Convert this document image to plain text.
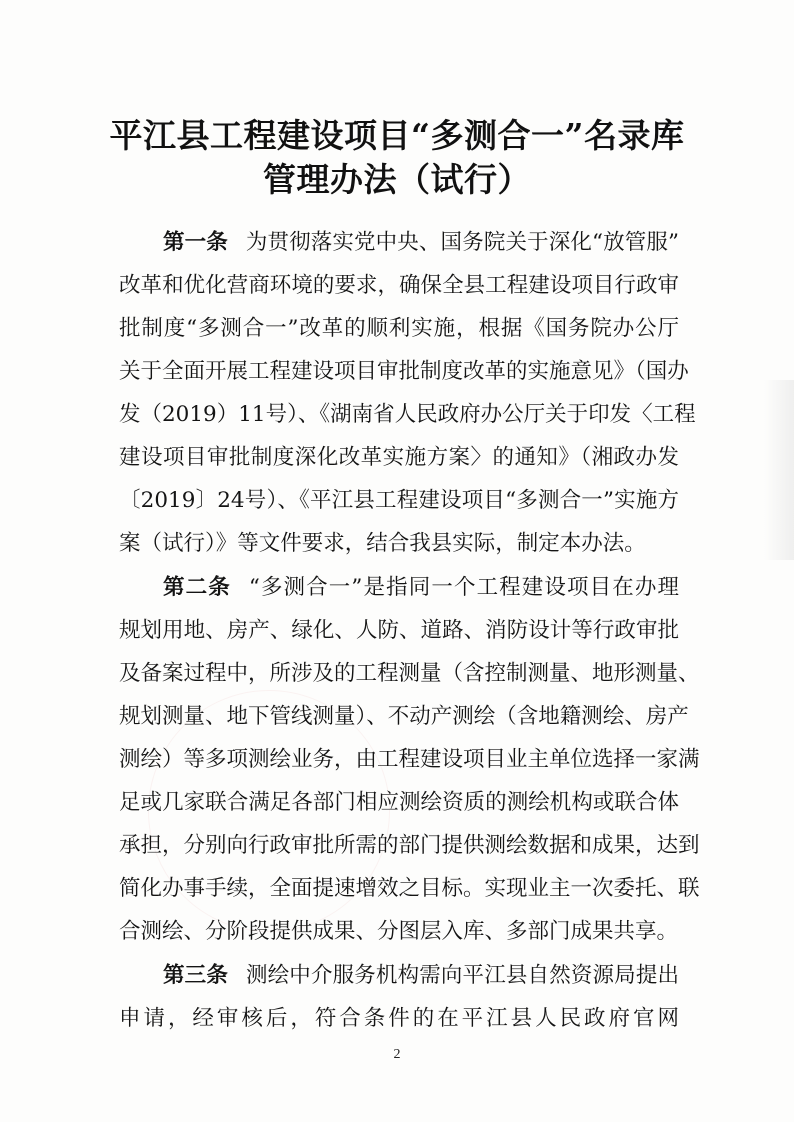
平江县工程建设项目“多测合一”名录库
管理办法（试行）
第一条 为贯彻落实党中央、国务院关于深化“放管服”
改革和优化营商环境的要求，确保全县工程建设项目行政审
批制度“多测合一”改革的顺利实施，根据《国务院办公厅
关于全面开展工程建设项目审批制度改革的实施意见》（国办
发（2019）11号）、《湖南省人民政府办公厅关于印发〈工程
建设项目审批制度深化改革实施方案〉的通知》（湘政办发
〔2019〕24号）、《平江县工程建设项目“多测合一”实施方
案（试行）》等文件要求，结合我县实际，制定本办法。
第二条 “多测合一”是指同一个工程建设项目在办理
规划用地、房产、绿化、人防、道路、消防设计等行政审批
及备案过程中，所涉及的工程测量（含控制测量、地形测量、
规划测量、地下管线测量）、不动产测绘（含地籍测绘、房产
测绘）等多项测绘业务，由工程建设项目业主单位选择一家满
足或几家联合满足各部门相应测绘资质的测绘机构或联合体
承担，分别向行政审批所需的部门提供测绘数据和成果，达到
简化办事手续，全面提速增效之目标。实现业主一次委托、联
合测绘、分阶段提供成果、分图层入库、多部门成果共享。
第三条 测绘中介服务机构需向平江县自然资源局提出
申请，经审核后，符合条件的在平江县人民政府官网
2
